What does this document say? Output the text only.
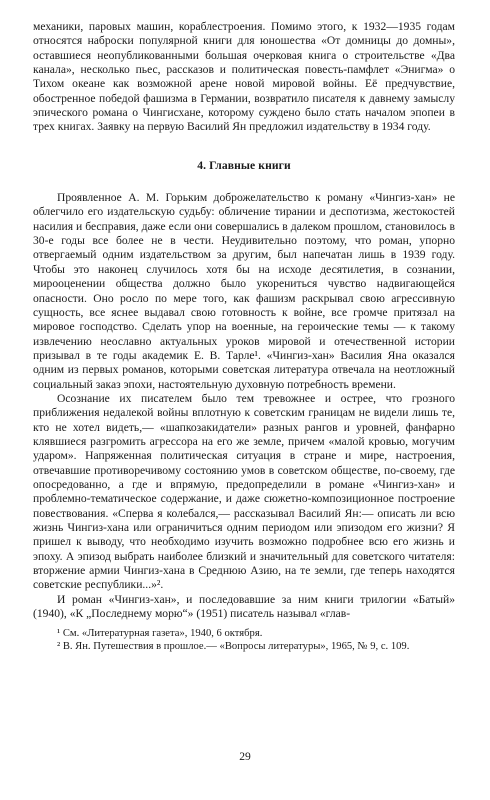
механики, паровых машин, кораблестроения. Помимо этого, к 1932—1935 годам относятся наброски популярной книги для юношества «От домницы до домны», оставшиеся неопубликованными большая очерковая книга о строительстве «Два канала», несколько пьес, рассказов и политическая повесть-памфлет «Энигма» о Тихом океане как возможной арене новой мировой войны. Её предчувствие, обостренное победой фашизма в Германии, возвратило писателя к давнему замыслу эпического романа о Чингисхане, которому суждено было стать началом эпопеи в трех книгах. Заявку на первую Василий Ян предложил издательству в 1934 году.

4. Главные книги

Проявленное А. М. Горьким доброжелательство к роману «Чингиз-хан» не облегчило его издательскую судьбу: обличение тирании и деспотизма, жестокостей насилия и бесправия, даже если они совершались в далеком прошлом, становилось в 30-е годы все более не в чести. Неудивительно поэтому, что роман, упорно отвергаемый одним издательством за другим, был напечатан лишь в 1939 году. Чтобы это наконец случилось хотя бы на исходе десятилетия, в сознании, мирооценении общества должно было укорениться чувство надвигающейся опасности. Оно росло по мере того, как фашизм раскрывал свою агрессивную сущность, все яснее выдавал свою готовность к войне, все громче притязал на мировое господство. Сделать упор на военные, на героические темы — к такому извлечению неославно актуальных уроков мировой и отечественной истории призывал в те годы академик Е. В. Тарле¹. «Чингиз-хан» Василия Яна оказался одним из первых романов, которыми советская литература отвечала на неотложный социальный заказ эпохи, настоятельную духовную потребность времени.

Осознание их писателем было тем тревожнее и острее, что грозного приближения недалекой войны вплотную к советским границам не видели лишь те, кто не хотел видеть,— «шапкозакидатели» разных рангов и уровней, фанфарно клявшиеся разгромить агрессора на его же земле, причем «малой кровью, могучим ударом». Напряженная политическая ситуация в стране и мире, настроения, отвечавшие противоречивому состоянию умов в советском обществе, по-своему, где опосредованно, а где и впрямую, предопределили в романе «Чингиз-хан» и проблемно-тематическое содержание, и даже сюжетно-композиционное построение повествования. «Сперва я колебался,— рассказывал Василий Ян:— описать ли всю жизнь Чингиз-хана или ограничиться одним периодом или эпизодом его жизни? Я пришел к выводу, что необходимо изучить возможно подробнее всю его жизнь и эпоху. А эпизод выбрать наиболее близкий и значительный для советского читателя: вторжение армии Чингиз-хана в Среднюю Азию, на те земли, где теперь находятся советские республики...»².

И роман «Чингиз-хан», и последовавшие за ним книги трилогии «Батый» (1940), «К „Последнему морю“» (1951) писатель называл «глав-

¹ См. «Литературная газета», 1940, 6 октября.

² В. Ян. Путешествия в прошлое.— «Вопросы литературы», 1965, № 9, с. 109.

29
